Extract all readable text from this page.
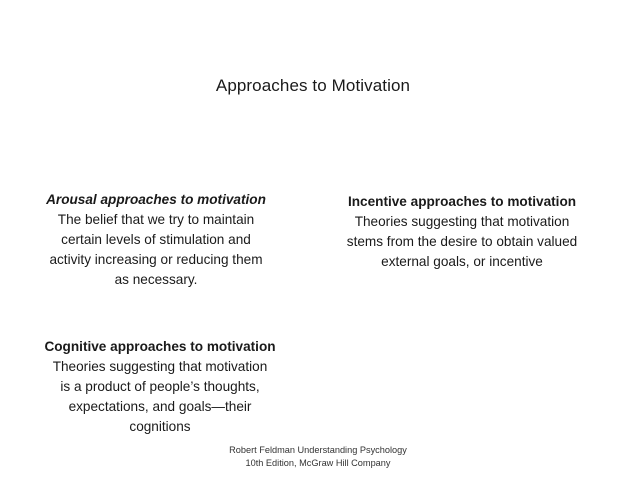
Approaches to Motivation
Arousal approaches to motivation
The belief that we try to maintain
certain levels of stimulation and
activity increasing or reducing them
as necessary.
Incentive approaches to motivation
Theories suggesting that motivation
stems from the desire to obtain valued
external goals, or incentive
Cognitive approaches to motivation
Theories suggesting that motivation
is a product of people’s thoughts,
expectations, and goals—their
cognitions
Robert Feldman Understanding Psychology
10th Edition, McGraw Hill Company
